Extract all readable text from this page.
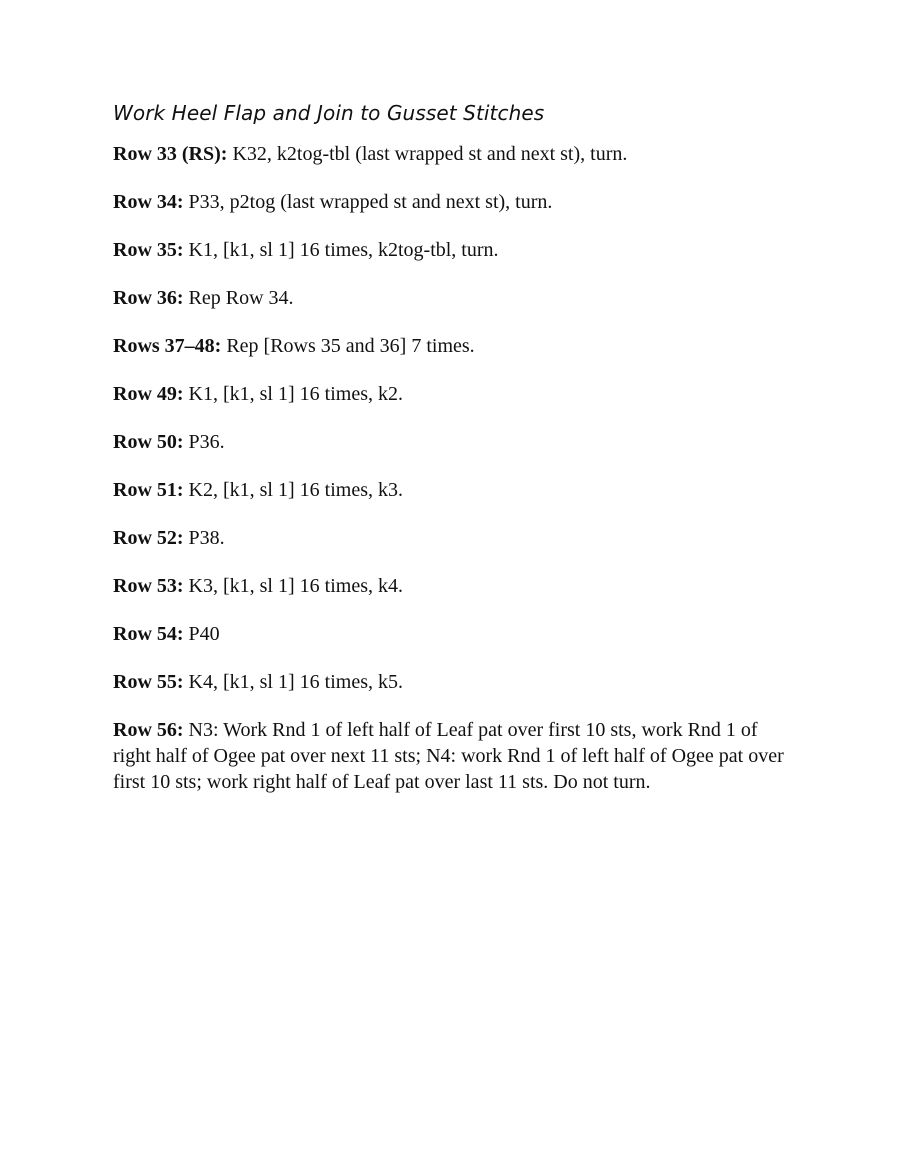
Work Heel Flap and Join to Gusset Stitches
Row 33 (RS): K32, k2tog-tbl (last wrapped st and next st), turn.
Row 34: P33, p2tog (last wrapped st and next st), turn.
Row 35: K1, [k1, sl 1] 16 times, k2tog-tbl, turn.
Row 36: Rep Row 34.
Rows 37–48: Rep [Rows 35 and 36] 7 times.
Row 49: K1, [k1, sl 1] 16 times, k2.
Row 50: P36.
Row 51: K2, [k1, sl 1] 16 times, k3.
Row 52: P38.
Row 53: K3, [k1, sl 1] 16 times, k4.
Row 54: P40
Row 55: K4, [k1, sl 1] 16 times, k5.
Row 56: N3: Work Rnd 1 of left half of Leaf pat over first 10 sts, work Rnd 1 of right half of Ogee pat over next 11 sts; N4: work Rnd 1 of left half of Ogee pat over first 10 sts; work right half of Leaf pat over last 11 sts. Do not turn.
